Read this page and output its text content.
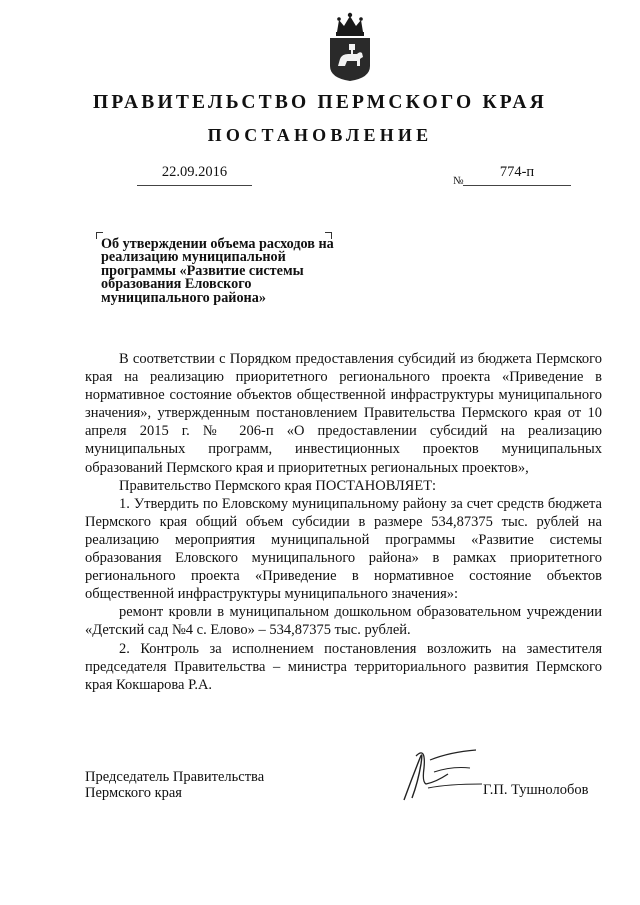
ПРАВИТЕЛЬСТВО ПЕРМСКОГО КРАЯ
ПОСТАНОВЛЕНИЕ
22.09.2016
№
774-п
Об утверждении объема расходов на реализацию муниципальной программы «Развитие системы образования Еловского муниципального района»

В соответствии с Порядком предоставления субсидий из бюджета Пермского края на реализацию приоритетного регионального проекта «Приведение в нормативное состояние объектов общественной инфраструктуры муниципального значения», утвержденным постановлением Правительства Пермского края от 10 апреля 2015 г. № 206-п «О предоставлении субсидий на реализацию муниципальных программ, инвестиционных проектов муниципальных образований Пермского края и приоритетных региональных проектов»,

Правительство Пермского края ПОСТАНОВЛЯЕТ:

1. Утвердить по Еловскому муниципальному району за счет средств бюджета Пермского края общий объем субсидии в размере 534,87375 тыс. рублей на реализацию мероприятия муниципальной программы «Развитие системы образования Еловского муниципального района» в рамках приоритетного регионального проекта «Приведение в нормативное состояние объектов общественной инфраструктуры муниципального значения»:

ремонт кровли в муниципальном дошкольном образовательном учреждении «Детский сад №4 с. Елово» – 534,87375 тыс. рублей.

2. Контроль за исполнением постановления возложить на заместителя председателя Правительства – министра территориального развития Пермского края Кокшарова Р.А.

Председатель Правительства
Пермского края	Г.П. Тушнолобов
